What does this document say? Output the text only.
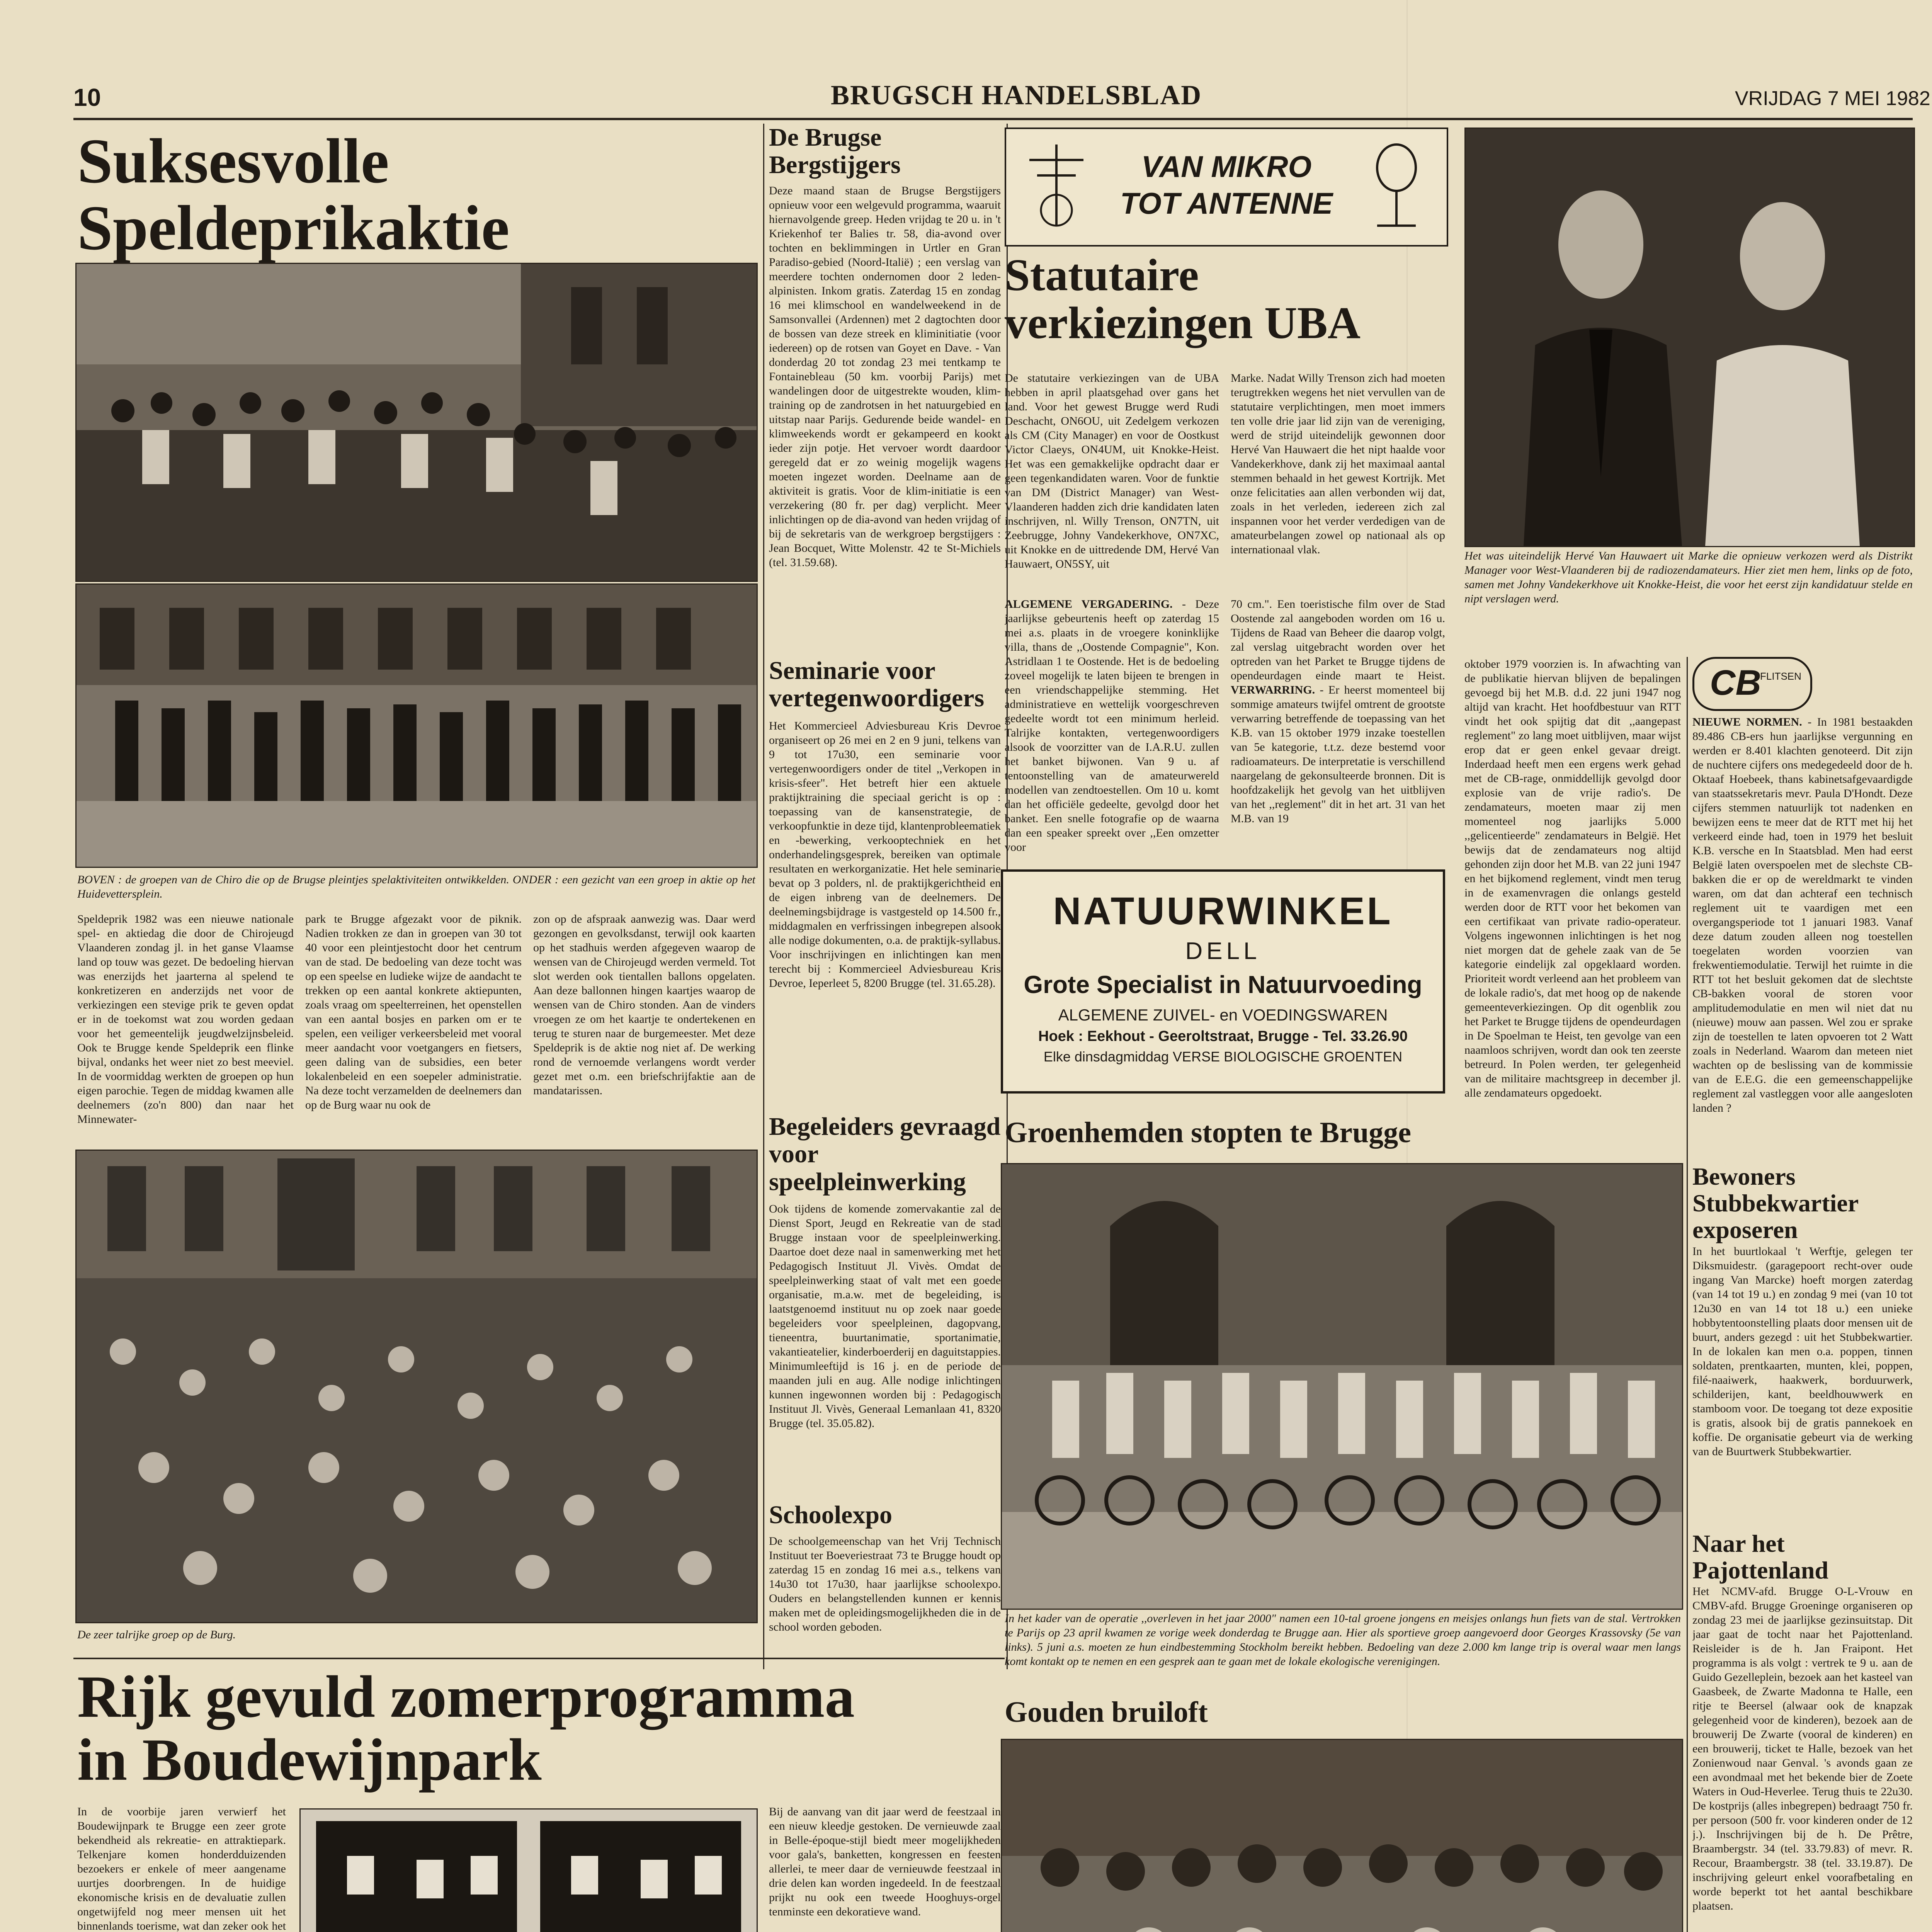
10	BRUGSCH HANDELSBLAD	VRIJDAG 7 MEI 1982
Suksesvolle Speldeprikaktie

BOVEN : de groepen van de Chiro die op de Brugse pleintjes spelaktiviteiten ontwikkelden. ONDER : een gezicht van een groep in aktie op het Huidevettersplein.

Speldeprik 1982 was een nieuwe nationale spel- en aktiedag die door de Chirojeugd Vlaanderen zondag jl. in het ganse Vlaamse land op touw was gezet. De bedoeling hiervan was enerzijds het jaarterna al spelend te konkretizeren en anderzijds net voor de verkiezingen een stevige prik te geven opdat er in de toekomst wat zou worden gedaan voor het gemeentelijk jeugdwelzijnsbeleid. Ook te Brugge kende Speldeprik een flinke bijval, ondanks het weer niet zo best meeviel. In de voormiddag werkten de groepen op hun eigen parochie. Tegen de middag kwamen alle deelnemers (zo'n 800) dan naar het Minnewater-

park te Brugge afgezakt voor de piknik. Nadien trokken ze dan in groepen van 30 tot 40 voor een pleintjestocht door het centrum van de stad. De bedoeling van deze tocht was op een speelse en ludieke wijze de aandacht te trekken op een aantal konkrete aktiepunten, zoals vraag om speelterreinen, het openstellen van een aantal bosjes en parken om er te spelen, een veiliger verkeersbeleid met vooral meer aandacht voor voetgangers en fietsers, geen daling van de subsidies, een beter lokalenbeleid en een soepeler administratie. Na deze tocht verzamelden de deelnemers dan op de Burg waar nu ook de

zon op de afspraak aanwezig was. Daar werd gezongen en gevolksdanst, terwijl ook kaarten op het stadhuis werden afgegeven waarop de wensen van de Chirojeugd werden vermeld. Tot slot werden ook tientallen ballons opgelaten. Aan deze ballonnen hingen kaartjes waarop de wensen van de Chiro stonden. Aan de vinders vroegen ze om het kaartje te ondertekenen en terug te sturen naar de burgemeester. Met deze Speldeprik is de aktie nog niet af. De werking rond de vernoemde verlangens wordt verder gezet met o.m. een briefschrijfaktie aan de mandatarissen.

De zeer talrijke groep op de Burg.

De Brugse
Bergstijgers

Deze maand staan de Brugse Bergstijgers opnieuw voor een welgevuld programma, waaruit hiernavolgende greep. Heden vrijdag te 20 u. in 't Kriekenhof ter Balies tr. 58, dia-avond over tochten en beklimmingen in Urtler en Gran Paradiso-gebied (Noord-Italië) ; een verslag van meerdere tochten ondernomen door 2 leden-alpinisten. Inkom gratis. Zaterdag 15 en zondag 16 mei klimschool en wandelweekend in de Samsonvallei (Ardennen) met 2 dagtochten door de bossen van deze streek en kliminitiatie (voor iedereen) op de rotsen van Goyet en Dave. - Van donderdag 20 tot zondag 23 mei tentkamp te Fontainebleau (50 km. voorbij Parijs) met wandelingen door de uitgestrekte wouden, klim-training op de zandrotsen in het natuurgebied en uitstap naar Parijs. Gedurende beide wandel- en klimweekends wordt er gekampeerd en kookt ieder zijn potje. Het vervoer wordt daardoor geregeld dat er zo weinig mogelijk wagens moeten ingezet worden. Deelname aan de aktiviteit is gratis. Voor de klim-initiatie is een verzekering (80 fr. per dag) verplicht. Meer inlichtingen op de dia-avond van heden vrijdag of bij de sekretaris van de werkgroep bergstijgers : Jean Bocquet, Witte Molenstr. 42 te St-Michiels (tel. 31.59.68).

Seminarie voor vertegenwoordigers

Het Kommercieel Adviesbureau Kris Devroe organiseert op 26 mei en 2 en 9 juni, telkens van 9 tot 17u30, een seminarie voor vertegenwoordigers onder de titel ,,Verkopen in krisis-sfeer". Het betreft hier een aktuele praktijktraining die speciaal gericht is op : toepassing van de kansenstrategie, de verkoopfunktie in deze tijd, klantenprobleematiek en -bewerking, verkooptechniek en het onderhandelingsgesprek, bereiken van optimale resultaten en werkorganizatie. Het hele seminarie bevat op 3 polders, nl. de praktijkgerichtheid en de eigen inbreng van de deelnemers. De deelnemingsbijdrage is vastgesteld op 14.500 fr., middagmalen en verfrissingen inbegrepen alsook alle nodige dokumenten, o.a. de praktijk-syllabus. Voor inschrijvingen en inlichtingen kan men terecht bij : Kommercieel Adviesbureau Kris Devroe, Ieperleet 5, 8200 Brugge (tel. 31.65.28).

Begeleiders gevraagd voor speelpleinwerking

Ook tijdens de komende zomervakantie zal de Dienst Sport, Jeugd en Rekreatie van de stad Brugge instaan voor de speelpleinwerking. Daartoe doet deze naal in samenwerking met het Pedagogisch Instituut Jl. Vivès. Omdat de speelpleinwerking staat of valt met een goede organisatie, m.a.w. met de begeleiding, is laatstgenoemd instituut nu op zoek naar goede begeleiders voor speelpleinen, dagopvang, tieneentra, buurtanimatie, sportanimatie, vakantieatelier, kinderboerderij en daguitstappies. Minimumleeftijd is 16 j. en de periode de maanden juli en aug. Alle nodige inlichtingen kunnen ingewonnen worden bij : Pedagogisch Instituut Jl. Vivès, Generaal Lemanlaan 41, 8320 Brugge (tel. 35.05.82).

Schoolexpo

De schoolgemeenschap van het Vrij Technisch Instituut ter Boeveriestraat 73 te Brugge houdt op zaterdag 15 en zondag 16 mei a.s., telkens van 14u30 tot 17u30, haar jaarlijkse schoolexpo. Ouders en belangstellenden kunnen er kennis maken met de opleidingsmogelijkheden die in de school worden geboden.

VAN MIKRO
TOT ANTENNE
Statutaire
verkiezingen UBA

De statutaire verkiezingen van de UBA hebben in april plaatsgehad over gans het land. Voor het gewest Brugge werd Rudi Deschacht, ON6OU, uit Zedelgem verkozen als CM (City Manager) en voor de Oostkust Victor Claeys, ON4UM, uit Knokke-Heist. Het was een gemakkelijke opdracht daar er geen tegenkandidaten waren. Voor de funktie van DM (District Manager) van West-Vlaanderen hadden zich drie kandidaten laten inschrijven, nl. Willy Trenson, ON7TN, uit Zeebrugge, Johny Vandekerkhove, ON7XC, uit Knokke en de uittredende DM, Hervé Van Hauwaert, ON5SY, uit

Marke. Nadat Willy Trenson zich had moeten terugtrekken wegens het niet vervullen van de statutaire verplichtingen, men moet immers ten volle drie jaar lid zijn van de vereniging, werd de strijd uiteindelijk gewonnen door Hervé Van Hauwaert die het nipt haalde voor Vandekerkhove, dank zij het maximaal aantal stemmen behaald in het gewest Kortrijk. Met onze felicitaties aan allen verbonden wij dat, zoals in het verleden, iedereen zich zal inspannen voor het verder verdedigen van de amateurbelangen zowel op nationaal als op internationaal vlak.

ALGEMENE VERGADERING. - Deze jaarlijkse gebeurtenis heeft op zaterdag 15 mei a.s. plaats in de vroegere koninklijke villa, thans de ,,Oostende Compagnie", Kon. Astridlaan 1 te Oostende. Het is de bedoeling zoveel mogelijk te laten bijeen te brengen in een vriendschappelijke stemming. Het administratieve en wettelijk voorgeschreven gedeelte wordt tot een minimum herleid. Talrijke kontakten, vertegenwoordigers alsook de voorzitter van de I.A.R.U. zullen het banket bijwonen. Van 9 u. af tentoonstelling van de amateurwereld modellen van zendtoestellen. Om 10 u. komt dan het officiële gedeelte, gevolgd door het banket. Een snelle fotografie op de waarna dan een speaker spreekt over ,,Een omzetter voor

70 cm.". Een toeristische film over de Stad Oostende zal aangeboden worden om 16 u. Tijdens de Raad van Beheer die daarop volgt, zal verslag uitgebracht worden over het optreden van het Parket te Brugge tijdens de opendeurdagen einde maart te Heist. VERWARRING. - Er heerst momenteel bij sommige amateurs twijfel omtrent de grootste verwarring betreffende de toepassing van het K.B. van 15 oktober 1979 inzake toestellen van 5e kategorie, t.t.z. deze bestemd voor radioamateurs. De interpretatie is verschillend naargelang de gekonsulteerde bronnen. Dit is hoofdzakelijk het gevolg van het uitblijven van het ,,reglement" dit in het art. 31 van het M.B. van 19

NATUURWINKEL
DELL
Grote Specialist in Natuurvoeding
ALGEMENE ZUIVEL- en VOEDINGSWAREN
Hoek : Eekhout - Geeroltstraat, Brugge - Tel. 33.26.90
Elke dinsdagmiddag VERSE BIOLOGISCHE GROENTEN
Groenhemden stopten te Brugge

In het kader van de operatie ,,overleven in het jaar 2000" namen een 10-tal groene jongens en meisjes onlangs hun fiets van de stal. Vertrokken te Parijs op 23 april kwamen ze vorige week donderdag te Brugge aan. Hier als sportieve groep aangevoerd door Georges Krassovsky (5e van links). 5 juni a.s. moeten ze hun eindbestemming Stockholm bereikt hebben. Bedoeling van deze 2.000 km lange trip is overal waar men langs komt kontakt op te nemen en een gesprek aan te gaan met de lokale ekologische verenigingen.

Gouden bruiloft

Het was uiteindelijk Hervé Van Hauwaert uit Marke die opnieuw verkozen werd als Distrikt Manager voor West-Vlaanderen bij de radiozendamateurs. Hier ziet men hem, links op de foto, samen met Johny Vandekerkhove uit Knokke-Heist, die voor het eerst zijn kandidatuur stelde en nipt verslagen werd.

oktober 1979 voorzien is. In afwachting van de publikatie hiervan blijven de bepalingen gevoegd bij het M.B. d.d. 22 juni 1947 nog altijd van kracht. Het hoofdbestuur van RTT vindt het ook spijtig dat dit ,,aangepast reglement" zo lang moet uitblijven, maar wijst erop dat er geen enkel gevaar dreigt. Inderdaad heeft men een ergens werk gehad met de CB-rage, onmiddellijk gevolgd door explosie van de vrije radio's. De zendamateurs, moeten maar zij men momenteel nog jaarlijks 5.000 ,,gelicentieerde" zendamateurs in België. Het bewijs dat de zendamateurs nog altijd gehonden zijn door het M.B. van 22 juni 1947 en het bijkomend reglement, vindt men terug in de examenvragen die onlangs gesteld werden door de RTT voor het bekomen van een certifikaat van private radio-operateur. Volgens ingewonnen inlichtingen is het nog niet morgen dat de gehele zaak van de 5e kategorie eindelijk zal opgeklaard worden. Prioriteit wordt verleend aan het probleem van de lokale radio's, dat met hoog op de nakende gemeenteverkiezingen. Op dit ogenblik zou het Parket te Brugge tijdens de opendeurdagen in De Spoelman te Heist, ten gevolge van een naamloos schrijven, wordt dan ook ten zeerste betreurd. In Polen werden, ter gelegenheid van de militaire machtsgreep in december jl. alle zendamateurs opgedoekt.

CB
FLITSEN

NIEUWE NORMEN. - In 1981 bestaakden 89.486 CB-ers hun jaarlijkse vergunning en werden er 8.401 klachten genoteerd. Dit zijn de nuchtere cijfers ons medegedeeld door de h. Oktaaf Hoebeek, thans kabinetsafgevaardigde van staatssekretaris mevr. Paula D'Hondt. Deze cijfers stemmen natuurlijk tot nadenken en bewijzen eens te meer dat de RTT met hij het verkeerd einde had, toen in 1979 het besluit K.B. versche en In Staatsblad. Men had eerst België laten overspoelen met de slechste CB-bakken die er op de wereldmarkt te vinden waren, om dat dan achteraf een technisch reglement uit te vaardigen met een overgangsperiode tot 1 januari 1983. Vanaf deze datum zouden alleen nog toestellen toegelaten worden voorzien van frekwentiemodulatie. Terwijl het ruimte in die RTT tot het besluit gekomen dat de slechtste CB-bakken vooral de storen voor amplitudemodulatie en men wil niet dat nu (nieuwe) mouw aan passen. Wel zou er sprake zijn de toestellen te laten opvoeren tot 2 Watt zoals in Nederland. Waarom dan meteen niet wachten op de beslissing van de kommissie van de E.E.G. die een gemeenschappelijke reglement zal vastleggen voor alle aangesloten landen ?

Bewoners Stubbekwartier exposeren

In het buurtlokaal 't Werftje, gelegen ter Diksmuidestr. (garagepoort recht-over oude ingang Van Marcke) hoeft morgen zaterdag (van 14 tot 19 u.) en zondag 9 mei (van 10 tot 12u30 en van 14 tot 18 u.) een unieke hobbytentoonstelling plaats door mensen uit de buurt, anders gezegd : uit het Stubbekwartier. In de lokalen kan men o.a. poppen, tinnen soldaten, prentkaarten, munten, klei, poppen, filé-naaiwerk, haakwerk, borduurwerk, schilderijen, kant, beeldhouwwerk en stamboom voor. De toegang tot deze expositie is gratis, alsook bij de gratis pannekoek en koffie. De organisatie gebeurt via de werking van de Buurtwerk Stubbekwartier.

Naar het Pajottenland

Het NCMV-afd. Brugge O-L-Vrouw en CMBV-afd. Brugge Groeninge organiseren op zondag 23 mei de jaarlijkse gezinsuitstap. Dit jaar gaat de tocht naar het Pajottenland. Reisleider is de h. Jan Fraipont. Het programma is als volgt : vertrek te 9 u. aan de Guido Gezelleplein, bezoek aan het kasteel van Gaasbeek, de Zwarte Madonna te Halle, een ritje te Beersel (alwaar ook de knapzak gelegenheid voor de kinderen), bezoek aan de brouwerij De Zwarte (vooral de kinderen) en een brouwerij, ticket te Halle, bezoek van het Zonienwoud naar Genval. 's avonds gaan ze een avondmaal met het bekende bier de Zoete Waters in Oud-Heverlee. Terug thuis te 22u30. De kostprijs (alles inbegrepen) bedraagt 750 fr. per persoon (500 fr. voor kinderen onder de 12 j.). Inschrijvingen bij de h. De Prêtre, Braambergstr. 34 (tel. 33.79.83) of mevr. R. Recour, Braambergstr. 38 (tel. 33.19.87). De inschrijving geleurt enkel voorafbetaling en worde beperkt tot het aantal beschikbare plaatsen.

Rijk gevuld zomerprogramma
in Boudewijnpark

In de voorbije jaren verwierf het Boudewijnpark te Brugge een zeer grote bekendheid als rekreatie- en attraktiepark. Telkenjare komen honderdduizenden bezoekers er enkele of meer aangename uurtjes doorbrengen. In de huidige ekonomische krisis en de devaluatie zullen ongetwijfeld nog meer mensen uit het binnenlands toerisme, wat dan zeker ook het

Bij de aanvang van dit jaar werd de feestzaal in een nieuw kleedje gestoken. De vernieuwde zaal in Belle-époque-stijl biedt meer mogelijkheden voor gala's, banketten, kongressen en feesten allerlei, te meer daar de vernieuwde feestzaal in drie delen kan worden ingedeeld. In de feestzaal prijkt nu ook een tweede Hooghuys-orgel tenminste een dekoratieve wand.
